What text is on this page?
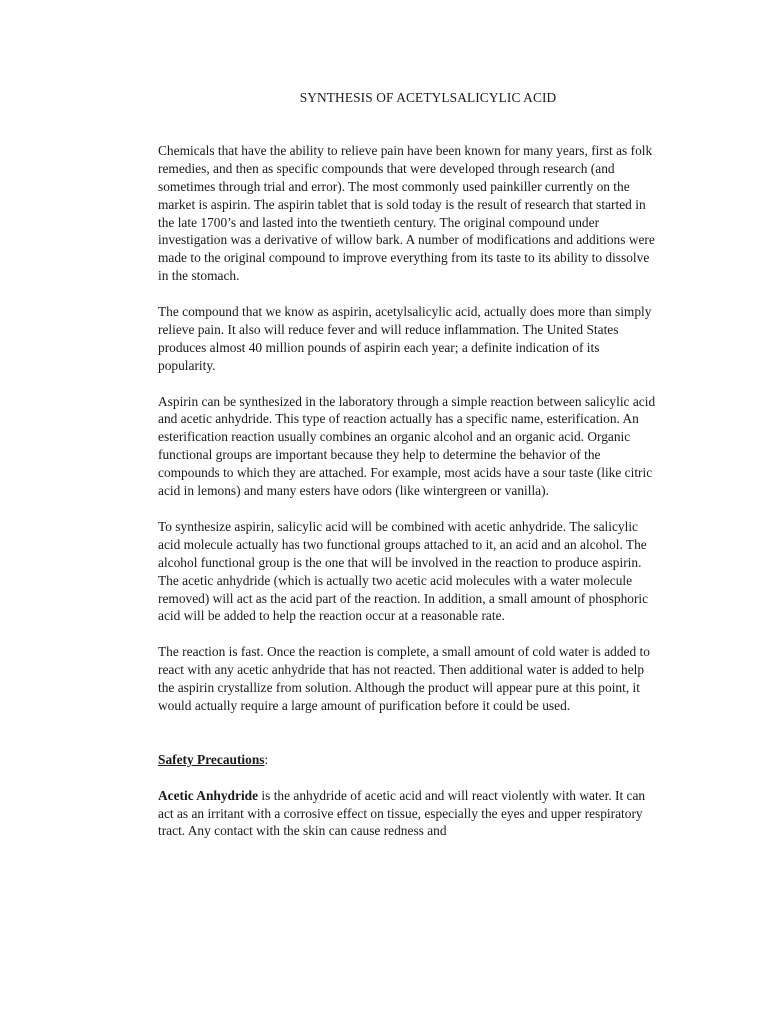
SYNTHESIS OF ACETYLSALICYLIC ACID

Chemicals that have the ability to relieve pain have been known for many years, first as folk remedies, and then as specific compounds that were developed through research (and sometimes through trial and error). The most commonly used painkiller currently on the market is aspirin. The aspirin tablet that is sold today is the result of research that started in the late 1700’s and lasted into the twentieth century. The original compound under investigation was a derivative of willow bark. A number of modifications and additions were made to the original compound to improve everything from its taste to its ability to dissolve in the stomach.

The compound that we know as aspirin, acetylsalicylic acid, actually does more than simply relieve pain. It also will reduce fever and will reduce inflammation. The United States produces almost 40 million pounds of aspirin each year; a definite indication of its popularity.

Aspirin can be synthesized in the laboratory through a simple reaction between salicylic acid and acetic anhydride. This type of reaction actually has a specific name, esterification. An esterification reaction usually combines an organic alcohol and an organic acid. Organic functional groups are important because they help to determine the behavior of the compounds to which they are attached. For example, most acids have a sour taste (like citric acid in lemons) and many esters have odors (like wintergreen or vanilla).

To synthesize aspirin, salicylic acid will be combined with acetic anhydride. The salicylic acid molecule actually has two functional groups attached to it, an acid and an alcohol. The alcohol functional group is the one that will be involved in the reaction to produce aspirin. The acetic anhydride (which is actually two acetic acid molecules with a water molecule removed) will act as the acid part of the reaction. In addition, a small amount of phosphoric acid will be added to help the reaction occur at a reasonable rate.

The reaction is fast. Once the reaction is complete, a small amount of cold water is added to react with any acetic anhydride that has not reacted. Then additional water is added to help the aspirin crystallize from solution. Although the product will appear pure at this point, it would actually require a large amount of purification before it could be used.

Safety Precautions:

Acetic Anhydride is the anhydride of acetic acid and will react violently with water. It can act as an irritant with a corrosive effect on tissue, especially the eyes and upper respiratory tract. Any contact with the skin can cause redness and
